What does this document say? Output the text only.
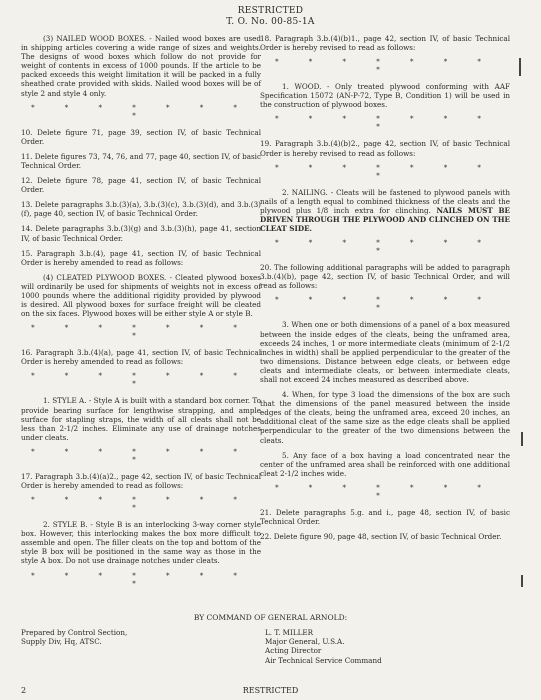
RESTRICTED
T. O. No. 00-85-1A

(3) NAILED WOOD BOXES. - Nailed wood boxes are used in shipping articles covering a wide range of sizes and weights. The designs of wood boxes which follow do not provide for weight of contents in excess of 1000 pounds. If the article to be packed exceeds this weight limitation it will be packed in a fully sheathed crate provided with skids. Nailed wood boxes will be of style 2 and style 4 only.

* * * * * * * *

10. Delete figure 71, page 39, section IV, of basic Technical Order.

11. Delete figures 73, 74, 76, and 77, page 40, section IV, of basic Technical Order.

12. Delete figure 78, page 41, section IV, of basic Technical Order.

13. Delete paragraphs 3.b.(3)(a), 3.b.(3)(c), 3.b.(3)(d), and 3.b.(3)(f), page 40, section IV, of basic Technical Order.

14. Delete paragraphs 3.b.(3)(g) and 3.b.(3)(h), page 41, section IV, of basic Technical Order.

15. Paragraph 3.b.(4), page 41, section IV, of basic Technical Order is hereby amended to read as follows:

(4) CLEATED PLYWOOD BOXES. - Cleated plywood boxes will ordinarily be used for shipments of weights not in excess of 1000 pounds where the additional rigidity provided by plywood is desired. All plywood boxes for surface freight will be cleated on the six faces. Plywood boxes will be either style A or style B.

* * * * * * * *

16. Paragraph 3.b.(4)(a), page 41, section IV, of basic Technical Order is hereby amended to read as follows:

* * * * * * * *

1. STYLE A. - Style A is built with a standard box corner. To provide bearing surface for lengthwise strapping, and ample surface for stapling straps, the width of all cleats shall not be less than 2-1/2 inches. Eliminate any use of drainage notches under cleats.

* * * * * * * *

17. Paragraph 3.b.(4)(a)2., page 42, section IV, of basic Technical Order is hereby amended to read as follows:

* * * * * * * *

2. STYLE B. - Style B is an interlocking 3-way corner style box. However, this interlocking makes the box more difficult to assemble and open. The filler cleats on the top and bottom of the style B box will be positioned in the same way as those in the style A box. Do not use drainage notches under cleats.

* * * * * * * *

18. Paragraph 3.b.(4)(b)1., page 42, section IV, of basic Technical Order is hereby revised to read as follows:

* * * * * * * *

1. WOOD. - Only treated plywood conforming with AAF Specification 15072 (AN-P-72, Type B, Condition 1) will be used in the construction of plywood boxes.

* * * * * * * *

19. Paragraph 3.b.(4)(b)2., page 42, section IV, of basic Technical Order is hereby revised to read as follows:

* * * * * * * *

2. NAILING. - Cleats will be fastened to plywood panels with nails of a length equal to combined thickness of the cleats and the plywood plus 1/8 inch extra for clinching. NAILS MUST BE DRIVEN THROUGH THE PLYWOOD AND CLINCHED ON THE CLEAT SIDE.

* * * * * * * *

20. The following additional paragraphs will be added to paragraph 3.b.(4)(b), page 42, section IV, of basic Technical Order, and will read as follows:

* * * * * * * *

3. When one or both dimensions of a panel of a box measured between the inside edges of the cleats, being the unframed area, exceeds 24 inches, 1 or more intermediate cleats (minimum of 2-1/2 inches in width) shall be applied perpendicular to the greater of the two dimensions. Distance between edge cleats, or between edge cleats and intermediate cleats, or between intermediate cleats, shall not exceed 24 inches measured as described above.

4. When, for type 3 load the dimensions of the box are such that the dimensions of the panel measured between the inside edges of the cleats, being the unframed area, exceed 20 inches, an additional cleat of the same size as the edge cleats shall be applied perpendicular to the greater of the two dimensions between the cleats.

5. Any face of a box having a load concentrated near the center of the unframed area shall be reinforced with one additional cleat 2-1/2 inches wide.

* * * * * * * *

21. Delete paragraphs 5.g. and i., page 48, section IV, of basic Technical Order.

22. Delete figure 90, page 48, section IV, of basic Technical Order.

BY COMMAND OF GENERAL ARNOLD:
Prepared by Control Section,
Supply Div, Hq, ATSC.
L. T. MILLER
Major General, U.S.A.
Acting Director
Air Technical Service Command
2	RESTRICTED
